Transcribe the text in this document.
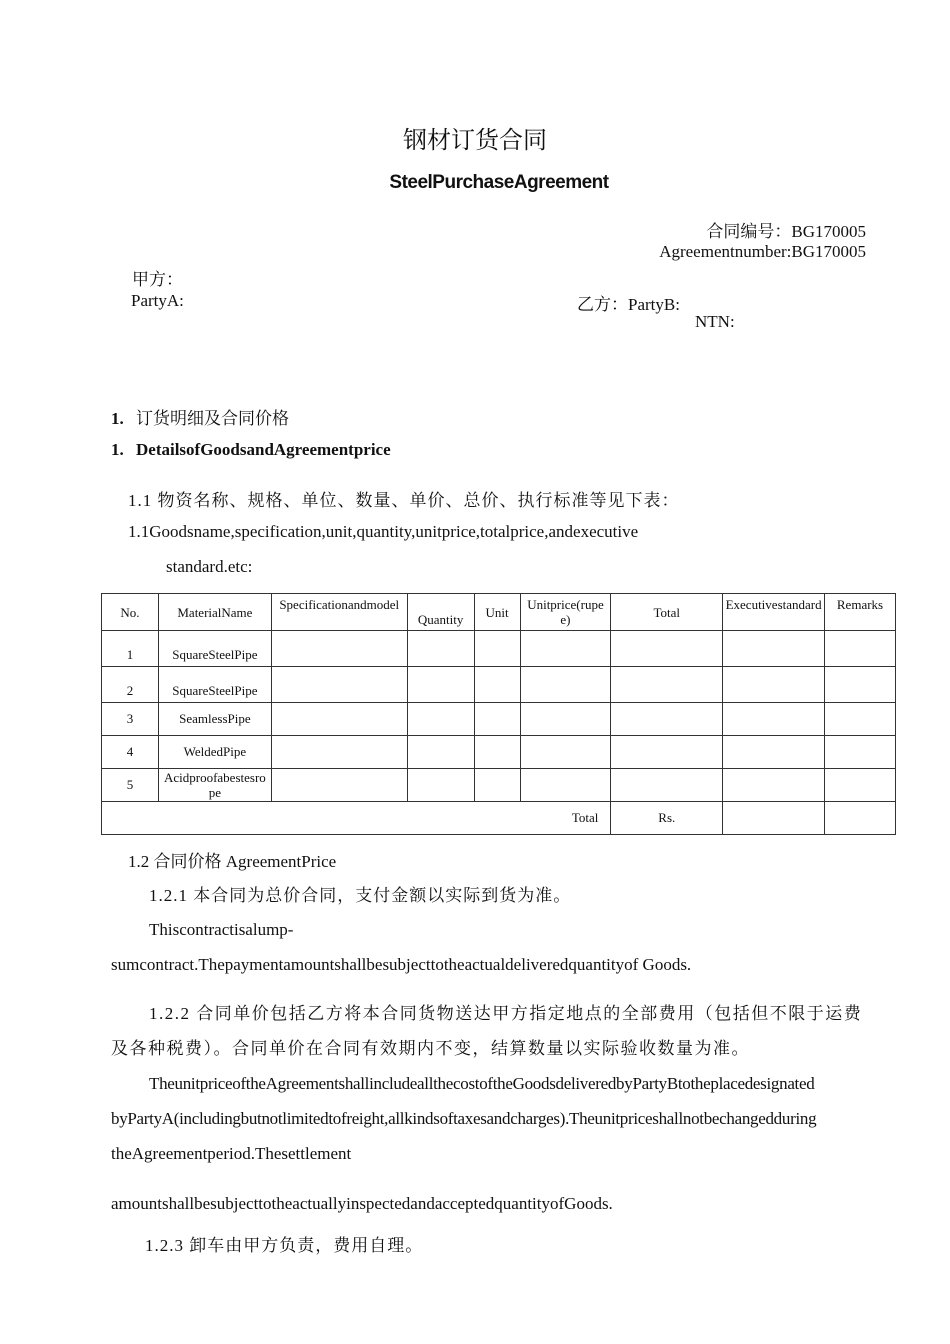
钢材订货合同
SteelPurchaseAgreement
合同编号：BG170005
Agreementnumber:BG170005
甲方：
PartyA:	乙方：PartyB:
NTN:
1. 订货明细及合同价格
1. DetailsofGoodsandAgreementprice
1.1 物资名称、规格、单位、数量、单价、总价、执行标准等见下表：
1.1Goodsname,specification,unit,quantity,unitprice,totalprice,andexecutive
standard.etc:
No.	MaterialName	Specificationandmodel	Quantity	Unit	Unitprice(rupee)	Total	Executivestandard	Remarks
1	SquareSteelPipe							
2	SquareSteelPipe							
3	SeamlessPipe							
4	WeldedPipe							
5	Acidproofabestesrope							
Total						Rs.		
1.2 合同价格 AgreementPrice
1.2.1 本合同为总价合同，支付金额以实际到货为准。
Thiscontractisalump-
sumcontract.Thepaymentamountshallbesubjecttotheactualdeliveredquantityof Goods.
1.2.2 合同单价包括乙方将本合同货物送达甲方指定地点的全部费用（包括但不限于运费
及各种税费）。合同单价在合同有效期内不变，结算数量以实际验收数量为准。
TheunitpriceoftheAgreementshallincludeallthecostoftheGoodsdeliveredbyPartyBtotheplacedesignated
byPartyA(includingbutnotlimitedtofreight,allkindsoftaxesandcharges).Theunitpriceshallnotbechangedduring
theAgreementperiod.Thesettlement
amountshallbesubjecttotheactuallyinspectedandacceptedquantityofGoods.
1.2.3 卸车由甲方负责，费用自理。
